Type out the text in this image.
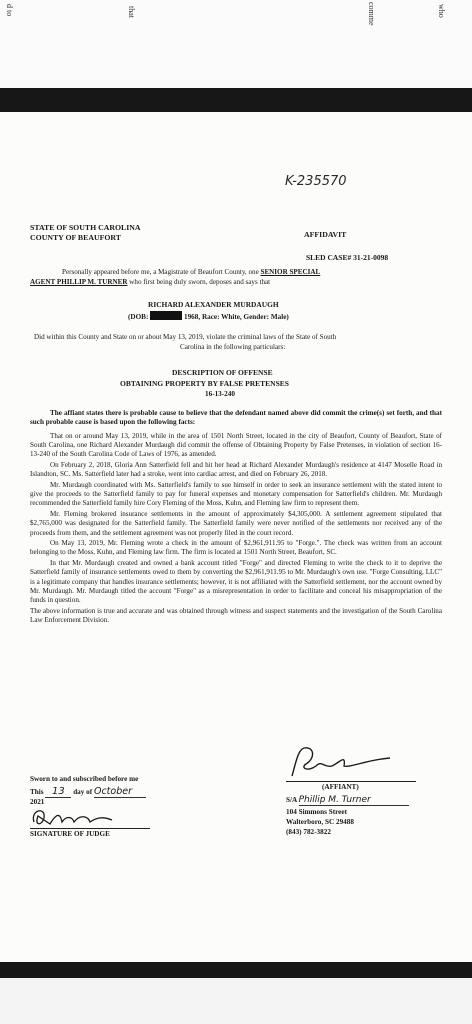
d to	that	comme	who
K-235570
STATE OF SOUTH CAROLINA
COUNTY OF BEAUFORT	AFFIDAVIT
SLED CASE# 31-21-0098
Personally appeared before me, a Magistrate of Beaufort County, one SENIOR SPECIAL
AGENT PHILLIP M. TURNER who first being duly sworn, deposes and says that
RICHARD ALEXANDER MURDAUGH
(DOB:	1968, Race: White, Gender: Male)
Did within this County and State on or about May 13, 2019, violate the criminal laws of the State of South
Carolina in the following particulars:
DESCRIPTION OF OFFENSE
OBTAINING PROPERTY BY FALSE PRETENSES
16-13-240

The affiant states there is probable cause to believe that the defendant named above did commit the crime(s) set forth, and that such probable cause is based upon the following facts:

That on or around May 13, 2019, while in the area of 1501 North Street, located in the city of Beaufort, County of Beaufort, State of South Carolina, one Richard Alexander Murdaugh did commit the offense of Obtaining Property by False Pretenses, in violation of section 16-13-240 of the South Carolina Code of Laws of 1976, as amended.

On February 2, 2018, Gloria Ann Satterfield fell and hit her head at Richard Alexander Murdaugh's residence at 4147 Moselle Road in Islandton, SC. Ms. Satterfield later had a stroke, went into cardiac arrest, and died on February 26, 2018.

Mr. Murdaugh coordinated with Ms. Satterfield's family to sue himself in order to seek an insurance settlement with the stated intent to give the proceeds to the Satterfield family to pay for funeral expenses and monetary compensation for Satterfield's children. Mr. Murdaugh recommended the Satterfield family hire Cory Fleming of the Moss, Kuhn, and Fleming law firm to represent them.

Mr. Fleming brokered insurance settlements in the amount of approximately $4,305,000. A settlement agreement stipulated that $2,765,000 was designated for the Satterfield family. The Satterfield family were never notified of the settlements nor received any of the proceeds from them, and the settlement agreement was not properly filed in the court record.

On May 13, 2019, Mr. Fleming wrote a check in the amount of $2,961,911.95 to "Forge.". The check was written from an account belonging to the Moss, Kuhn, and Fleming law firm. The firm is located at 1501 North Street, Beaufort, SC.

In that Mr. Murdaugh created and owned a bank account titled "Forge" and directed Fleming to write the check to it to deprive the Satterfield family of insurance settlements owed to them by converting the $2,961,911.95 to Mr. Murdaugh's own use. "Forge Consulting, LLC" is a legitimate company that handles insurance settlements; however, it is not affiliated with the Satterfield settlement, nor the account owned by Mr. Murdaugh. Mr. Murdaugh titled the account "Forge" as a misrepresentation in order to facilitate and conceal his misappropriation of the funds in question.

The above information is true and accurate and was obtained through witness and suspect statements and the investigation of the South Carolina Law Enforcement Division.

Sworn to and subscribed before me
This 13 day of October
2021
SIGNATURE OF JUDGE
(AFFIANT)
S/A Phillip M. Turner
104 Simmons Street
Walterboro, SC 29488
(843) 782-3822
